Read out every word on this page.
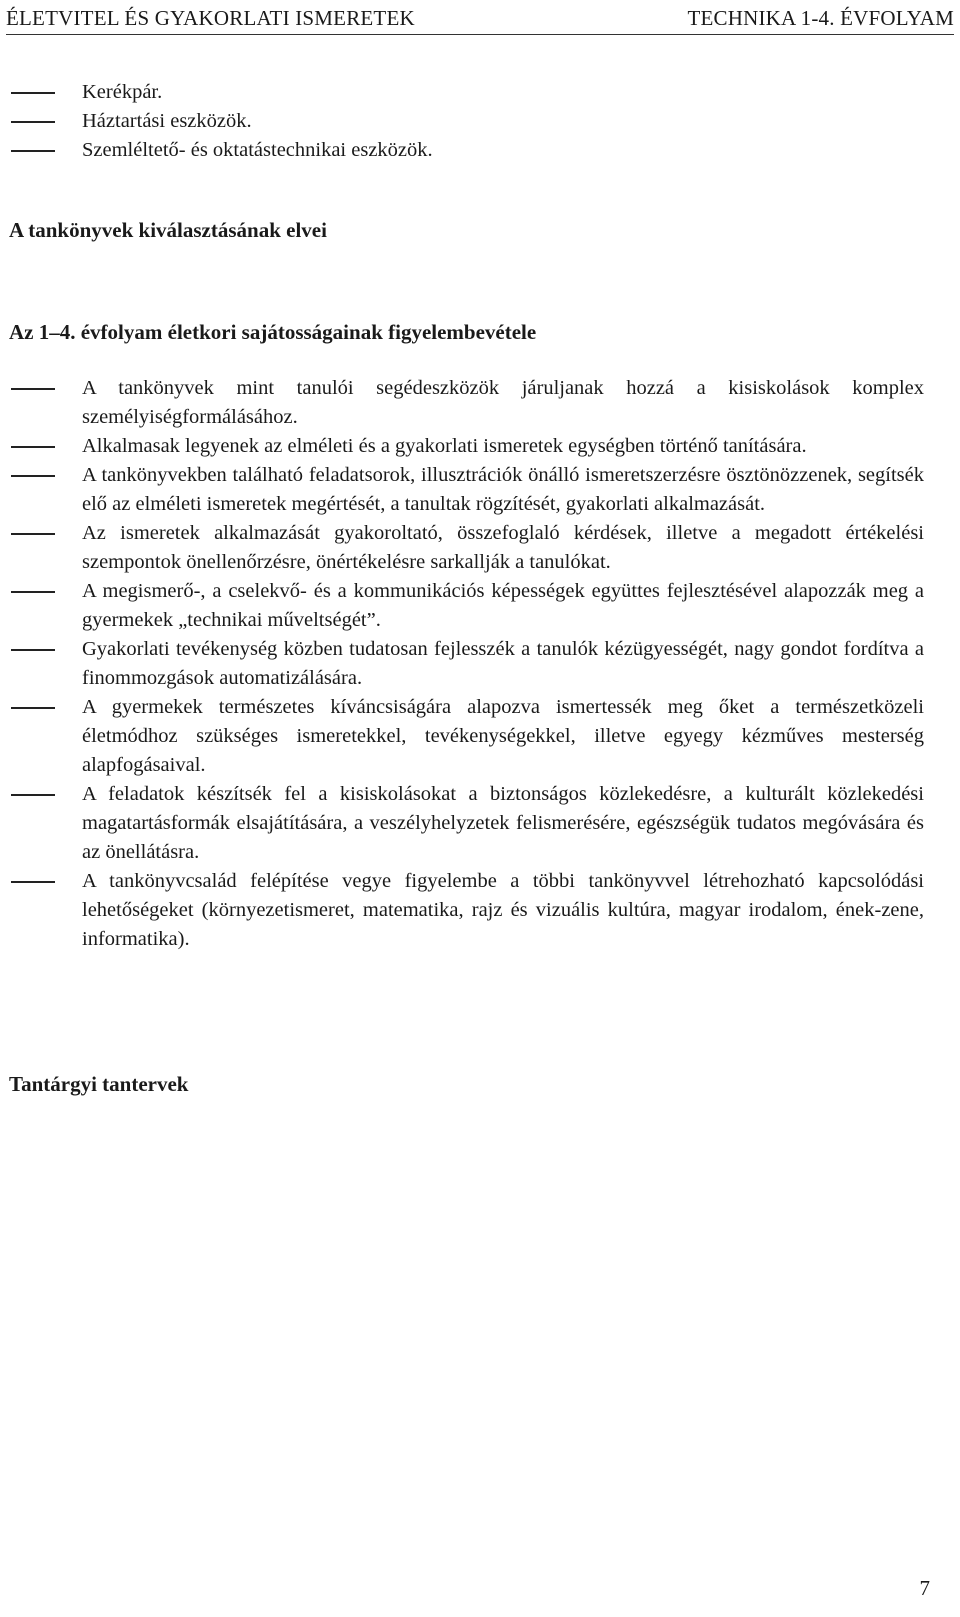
ÉLETVITEL ÉS GYAKORLATI ISMERETEK	TECHNIKA 1-4. ÉVFOLYAM
Kerékpár.
Háztartási eszközök.
Szemléltető- és oktatástechnikai eszközök.
A tankönyvek kiválasztásának elvei
Az 1–4. évfolyam életkori sajátosságainak figyelembevétele
A tankönyvek mint tanulói segédeszközök járuljanak hozzá a kisiskolások komplex személyiségformálásához.
Alkalmasak legyenek az elméleti és a gyakorlati ismeretek egységben történő tanítására.
A tankönyvekben található feladatsorok, illusztrációk önálló ismeretszerzésre ösztönözzenek, segítsék elő az elméleti ismeretek megértését, a tanultak rögzítését, gyakorlati alkalmazását.
Az ismeretek alkalmazását gyakoroltató, összefoglaló kérdések, illetve a megadott értékelési szempontok önellenőrzésre, önértékelésre sarkallják a tanulókat.
A megismerő-, a cselekvő- és a kommunikációs képességek együttes fejlesztésével alapozzák meg a gyermekek „technikai műveltségét”.
Gyakorlati tevékenység közben tudatosan fejlesszék a tanulók kézügyességét, nagy gondot fordítva a finommozgások automatizálására.
A gyermekek természetes kíváncsiságára alapozva ismertessék meg őket a természetközeli életmódhoz szükséges ismeretekkel, tevékenységekkel, illetve egyegy kézműves mesterség alapfogásaival.
A feladatok készítsék fel a kisiskolásokat a biztonságos közlekedésre, a kulturált közlekedési magatartásformák elsajátítására, a veszélyhelyzetek felismerésére, egészségük tudatos megóvására és az önellátásra.
A tankönyvcsalád felépítése vegye figyelembe a többi tankönyvvel létrehozható kapcsolódási lehetőségeket (környezetismeret, matematika, rajz és vizuális kultúra, magyar irodalom, ének-zene, informatika).
Tantárgyi tantervek
7
